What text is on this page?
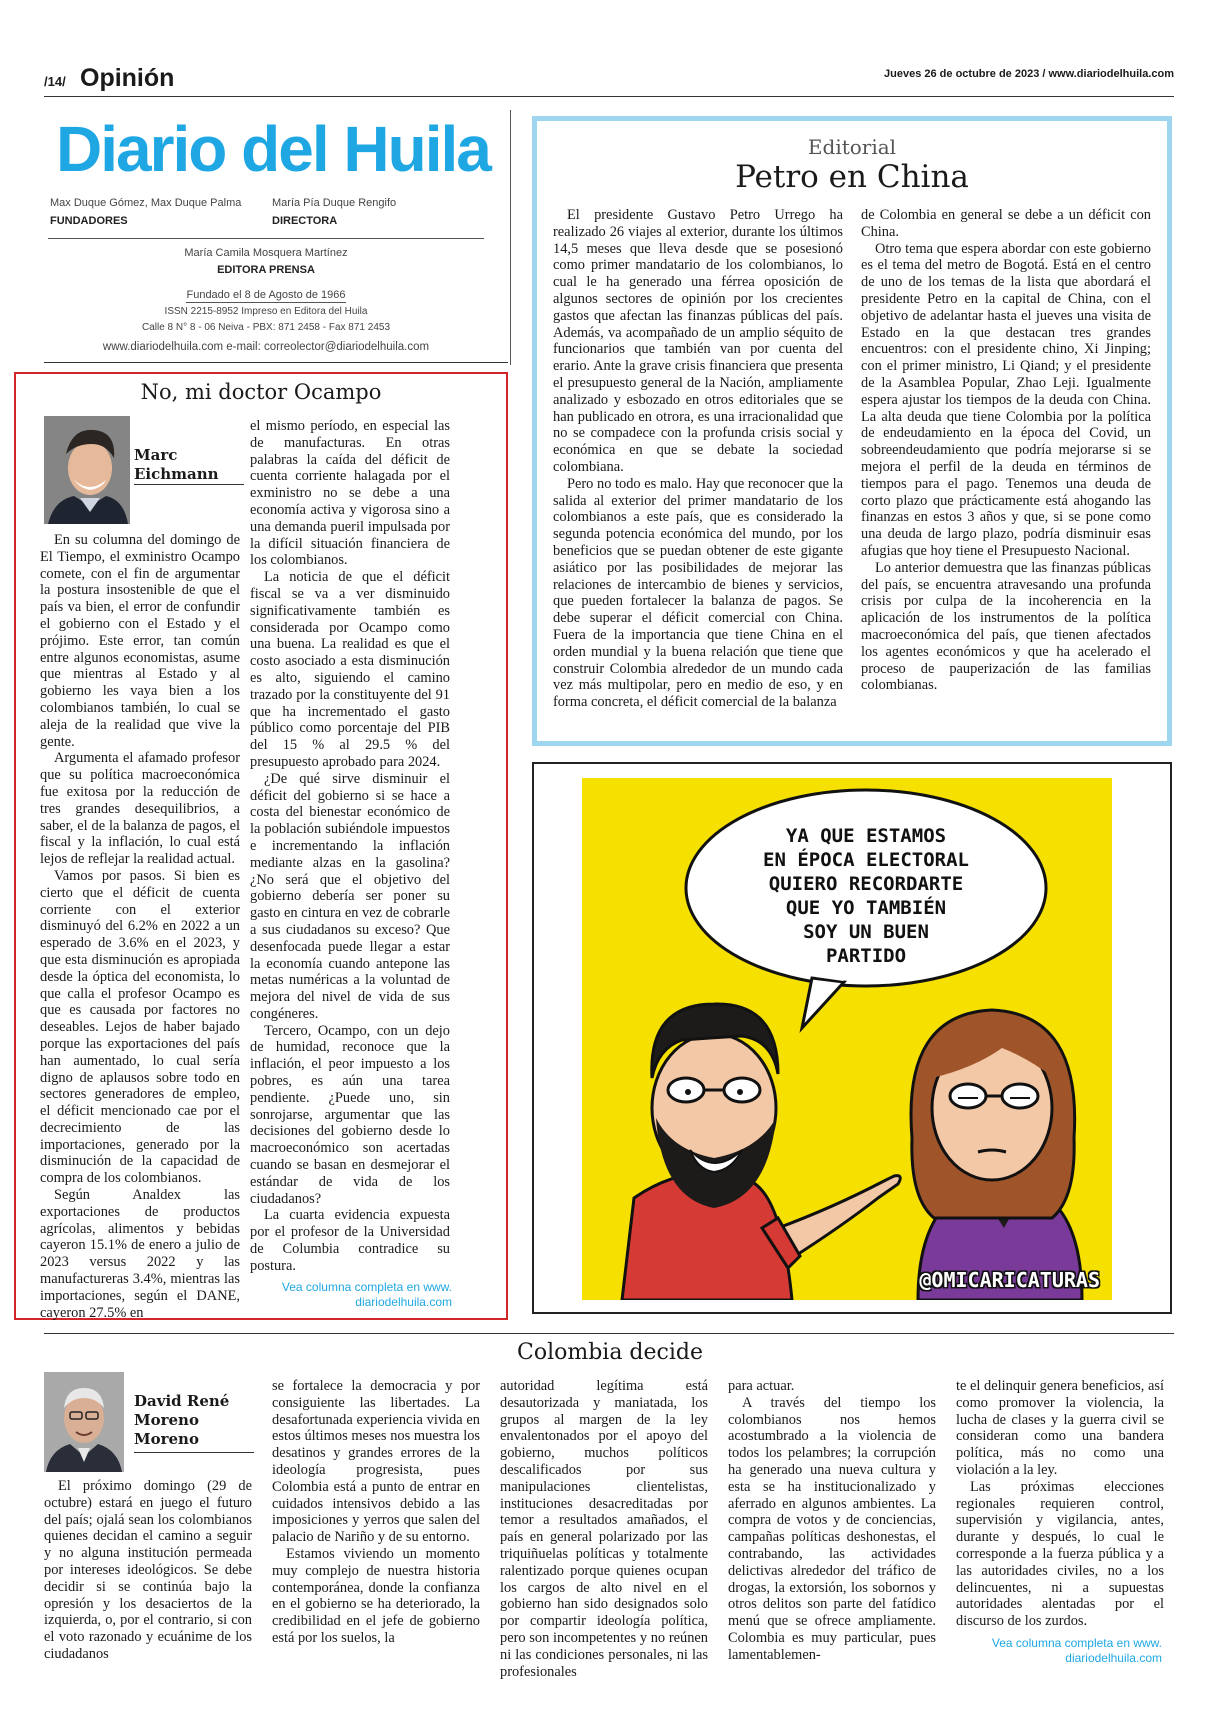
/14/ Opinión	Jueves 26 de octubre de 2023 / www.diariodelhuila.com
Diario del Huila
Max Duque Gómez, Max Duque Palma
FUNDADORES
María Pía Duque Rengifo
DIRECTORA
María Camila Mosquera Martínez
EDITORA PRENSA
Fundado el 8 de Agosto de 1966
ISSN 2215-8952 Impreso en Editora del Huila
Calle 8 N° 8 - 06 Neiva - PBX: 871 2458 - Fax 871 2453
www.diariodelhuila.com e-mail: correolector@diariodelhuila.com
No, mi doctor Ocampo
Marc
Eichmann

En su columna del domingo de El Tiempo, el exministro Ocampo comete, con el fin de argumentar la postura insostenible de que el país va bien, el error de confundir el gobierno con el Estado y el prójimo. Este error, tan común entre algunos economistas, asume que mientras al Estado y al gobierno les vaya bien a los colombianos también, lo cual se aleja de la realidad que vive la gente.

Argumenta el afamado profesor que su política macroeconómica fue exitosa por la reducción de tres grandes desequilibrios, a saber, el de la balanza de pagos, el fiscal y la inflación, lo cual está lejos de reflejar la realidad actual.

Vamos por pasos. Si bien es cierto que el déficit de cuenta corriente con el exterior disminuyó del 6.2% en 2022 a un esperado de 3.6% en el 2023, y que esta disminución es apropiada desde la óptica del economista, lo que calla el profesor Ocampo es que es causada por factores no deseables. Lejos de haber bajado porque las exportaciones del país han aumentado, lo cual sería digno de aplausos sobre todo en sectores generadores de empleo, el déficit mencionado cae por el decrecimiento de las importaciones, generado por la disminución de la capacidad de compra de los colombianos.

Según Analdex las exportaciones de productos agrícolas, alimentos y bebidas cayeron 15.1% de enero a julio de 2023 versus 2022 y las manufactureras 3.4%, mientras las importaciones, según el DANE, cayeron 27.5% en

el mismo período, en especial las de manufacturas. En otras palabras la caída del déficit de cuenta corriente halagada por el exministro no se debe a una economía activa y vigorosa sino a una demanda pueril impulsada por la difícil situación financiera de los colombianos.

La noticia de que el déficit fiscal se va a ver disminuido significativamente también es considerada por Ocampo como una buena. La realidad es que el costo asociado a esta disminución es alto, siguiendo el camino trazado por la constituyente del 91 que ha incrementado el gasto público como porcentaje del PIB del 15 % al 29.5 % del presupuesto aprobado para 2024.

¿De qué sirve disminuir el déficit del gobierno si se hace a costa del bienestar económico de la población subiéndole impuestos e incrementando la inflación mediante alzas en la gasolina? ¿No será que el objetivo del gobierno debería ser poner su gasto en cintura en vez de cobrarle a sus ciudadanos su exceso? Que desenfocada puede llegar a estar la economía cuando antepone las metas numéricas a la voluntad de mejora del nivel de vida de sus congéneres.

Tercero, Ocampo, con un dejo de humidad, reconoce que la inflación, el peor impuesto a los pobres, es aún una tarea pendiente. ¿Puede uno, sin sonrojarse, argumentar que las decisiones del gobierno desde lo macroeconómico son acertadas cuando se basan en desmejorar el estándar de vida de los ciudadanos?

La cuarta evidencia expuesta por el profesor de la Universidad de Columbia contradice su postura.

Vea columna completa en www.
diariodelhuila.com
Editorial
Petro en China

El presidente Gustavo Petro Urrego ha realizado 26 viajes al exterior, durante los últimos 14,5 meses que lleva desde que se posesionó como primer mandatario de los colombianos, lo cual le ha generado una férrea oposición de algunos sectores de opinión por los crecientes gastos que afectan las finanzas públicas del país. Además, va acompañado de un amplio séquito de funcionarios que también van por cuenta del erario. Ante la grave crisis financiera que presenta el presupuesto general de la Nación, ampliamente analizado y esbozado en otros editoriales que se han publicado en otrora, es una irracionalidad que no se compadece con la profunda crisis social y económica en que se debate la sociedad colombiana.

Pero no todo es malo. Hay que reconocer que la salida al exterior del primer mandatario de los colombianos a este país, que es considerado la segunda potencia económica del mundo, por los beneficios que se puedan obtener de este gigante asiático por las posibilidades de mejorar las relaciones de intercambio de bienes y servicios, que pueden fortalecer la balanza de pagos. Se debe superar el déficit comercial con China. Fuera de la importancia que tiene China en el orden mundial y la buena relación que tiene que construir Colombia alrededor de un mundo cada vez más multipolar, pero en medio de eso, y en forma concreta, el déficit comercial de la balanza

de Colombia en general se debe a un déficit con China.

Otro tema que espera abordar con este gobierno es el tema del metro de Bogotá. Está en el centro de uno de los temas de la lista que abordará el presidente Petro en la capital de China, con el objetivo de adelantar hasta el jueves una visita de Estado en la que destacan tres grandes encuentros: con el presidente chino, Xi Jinping; con el primer ministro, Li Qiand; y el presidente de la Asamblea Popular, Zhao Leji. Igualmente espera ajustar los tiempos de la deuda con China. La alta deuda que tiene Colombia por la política de endeudamiento en la época del Covid, un sobreendeudamiento que podría mejorarse si se mejora el perfil de la deuda en términos de tiempos para el pago. Tenemos una deuda de corto plazo que prácticamente está ahogando las finanzas en estos 3 años y que, si se pone como una deuda de largo plazo, podría disminuir esas afugias que hoy tiene el Presupuesto Nacional.

Lo anterior demuestra que las finanzas públicas del país, se encuentra atravesando una profunda crisis por culpa de la incoherencia en la aplicación de los instrumentos de la política macroeconómica del país, que tienen afectados los agentes económicos y que ha acelerado el proceso de pauperización de las familias colombianas.

YA QUE ESTAMOS
EN ÉPOCA ELECTORAL
QUIERO RECORDARTE
QUE YO TAMBIÉN
SOY UN BUEN
PARTIDO
@OMICARICATURAS
Colombia decide
David René
Moreno
Moreno

El próximo domingo (29 de octubre) estará en juego el futuro del país; ojalá sean los colombianos quienes decidan el camino a seguir y no alguna institución permeada por intereses ideológicos. Se debe decidir si se continúa bajo la opresión y los desaciertos de la izquierda, o, por el contrario, si con el voto razonado y ecuánime de los ciudadanos

se fortalece la democracia y por consiguiente las libertades. La desafortunada experiencia vivida en estos últimos meses nos muestra los desatinos y grandes errores de la ideología progresista, pues Colombia está a punto de entrar en cuidados intensivos debido a las imposiciones y yerros que salen del palacio de Nariño y de su entorno.

Estamos viviendo un momento muy complejo de nuestra historia contemporánea, donde la confianza en el gobierno se ha deteriorado, la credibilidad en el jefe de gobierno está por los suelos, la

autoridad legítima está desautorizada y maniatada, los grupos al margen de la ley envalentonados por el apoyo del gobierno, muchos políticos descalificados por sus manipulaciones clientelistas, instituciones desacreditadas por temor a resultados amañados, el país en general polarizado por las triquiñuelas políticas y totalmente ralentizado porque quienes ocupan los cargos de alto nivel en el gobierno han sido designados solo por compartir ideología política, pero son incompetentes y no reúnen ni las condiciones personales, ni las profesionales

para actuar.

A través del tiempo los colombianos nos hemos acostumbrado a la violencia de todos los pelambres; la corrupción ha generado una nueva cultura y esta se ha institucionalizado y aferrado en algunos ambientes. La compra de votos y de conciencias, campañas políticas deshonestas, el contrabando, las actividades delictivas alrededor del tráfico de drogas, la extorsión, los sobornos y otros delitos son parte del fatídico menú que se ofrece ampliamente. Colombia es muy particular, pues lamentablemen-

te el delinquir genera beneficios, así como promover la violencia, la lucha de clases y la guerra civil se consideran como una bandera política, más no como una violación a la ley.

Las próximas elecciones regionales requieren control, supervisión y vigilancia, antes, durante y después, lo cual le corresponde a la fuerza pública y a las autoridades civiles, no a los delincuentes, ni a supuestas autoridades alentadas por el discurso de los zurdos.

Vea columna completa en www.
diariodelhuila.com
